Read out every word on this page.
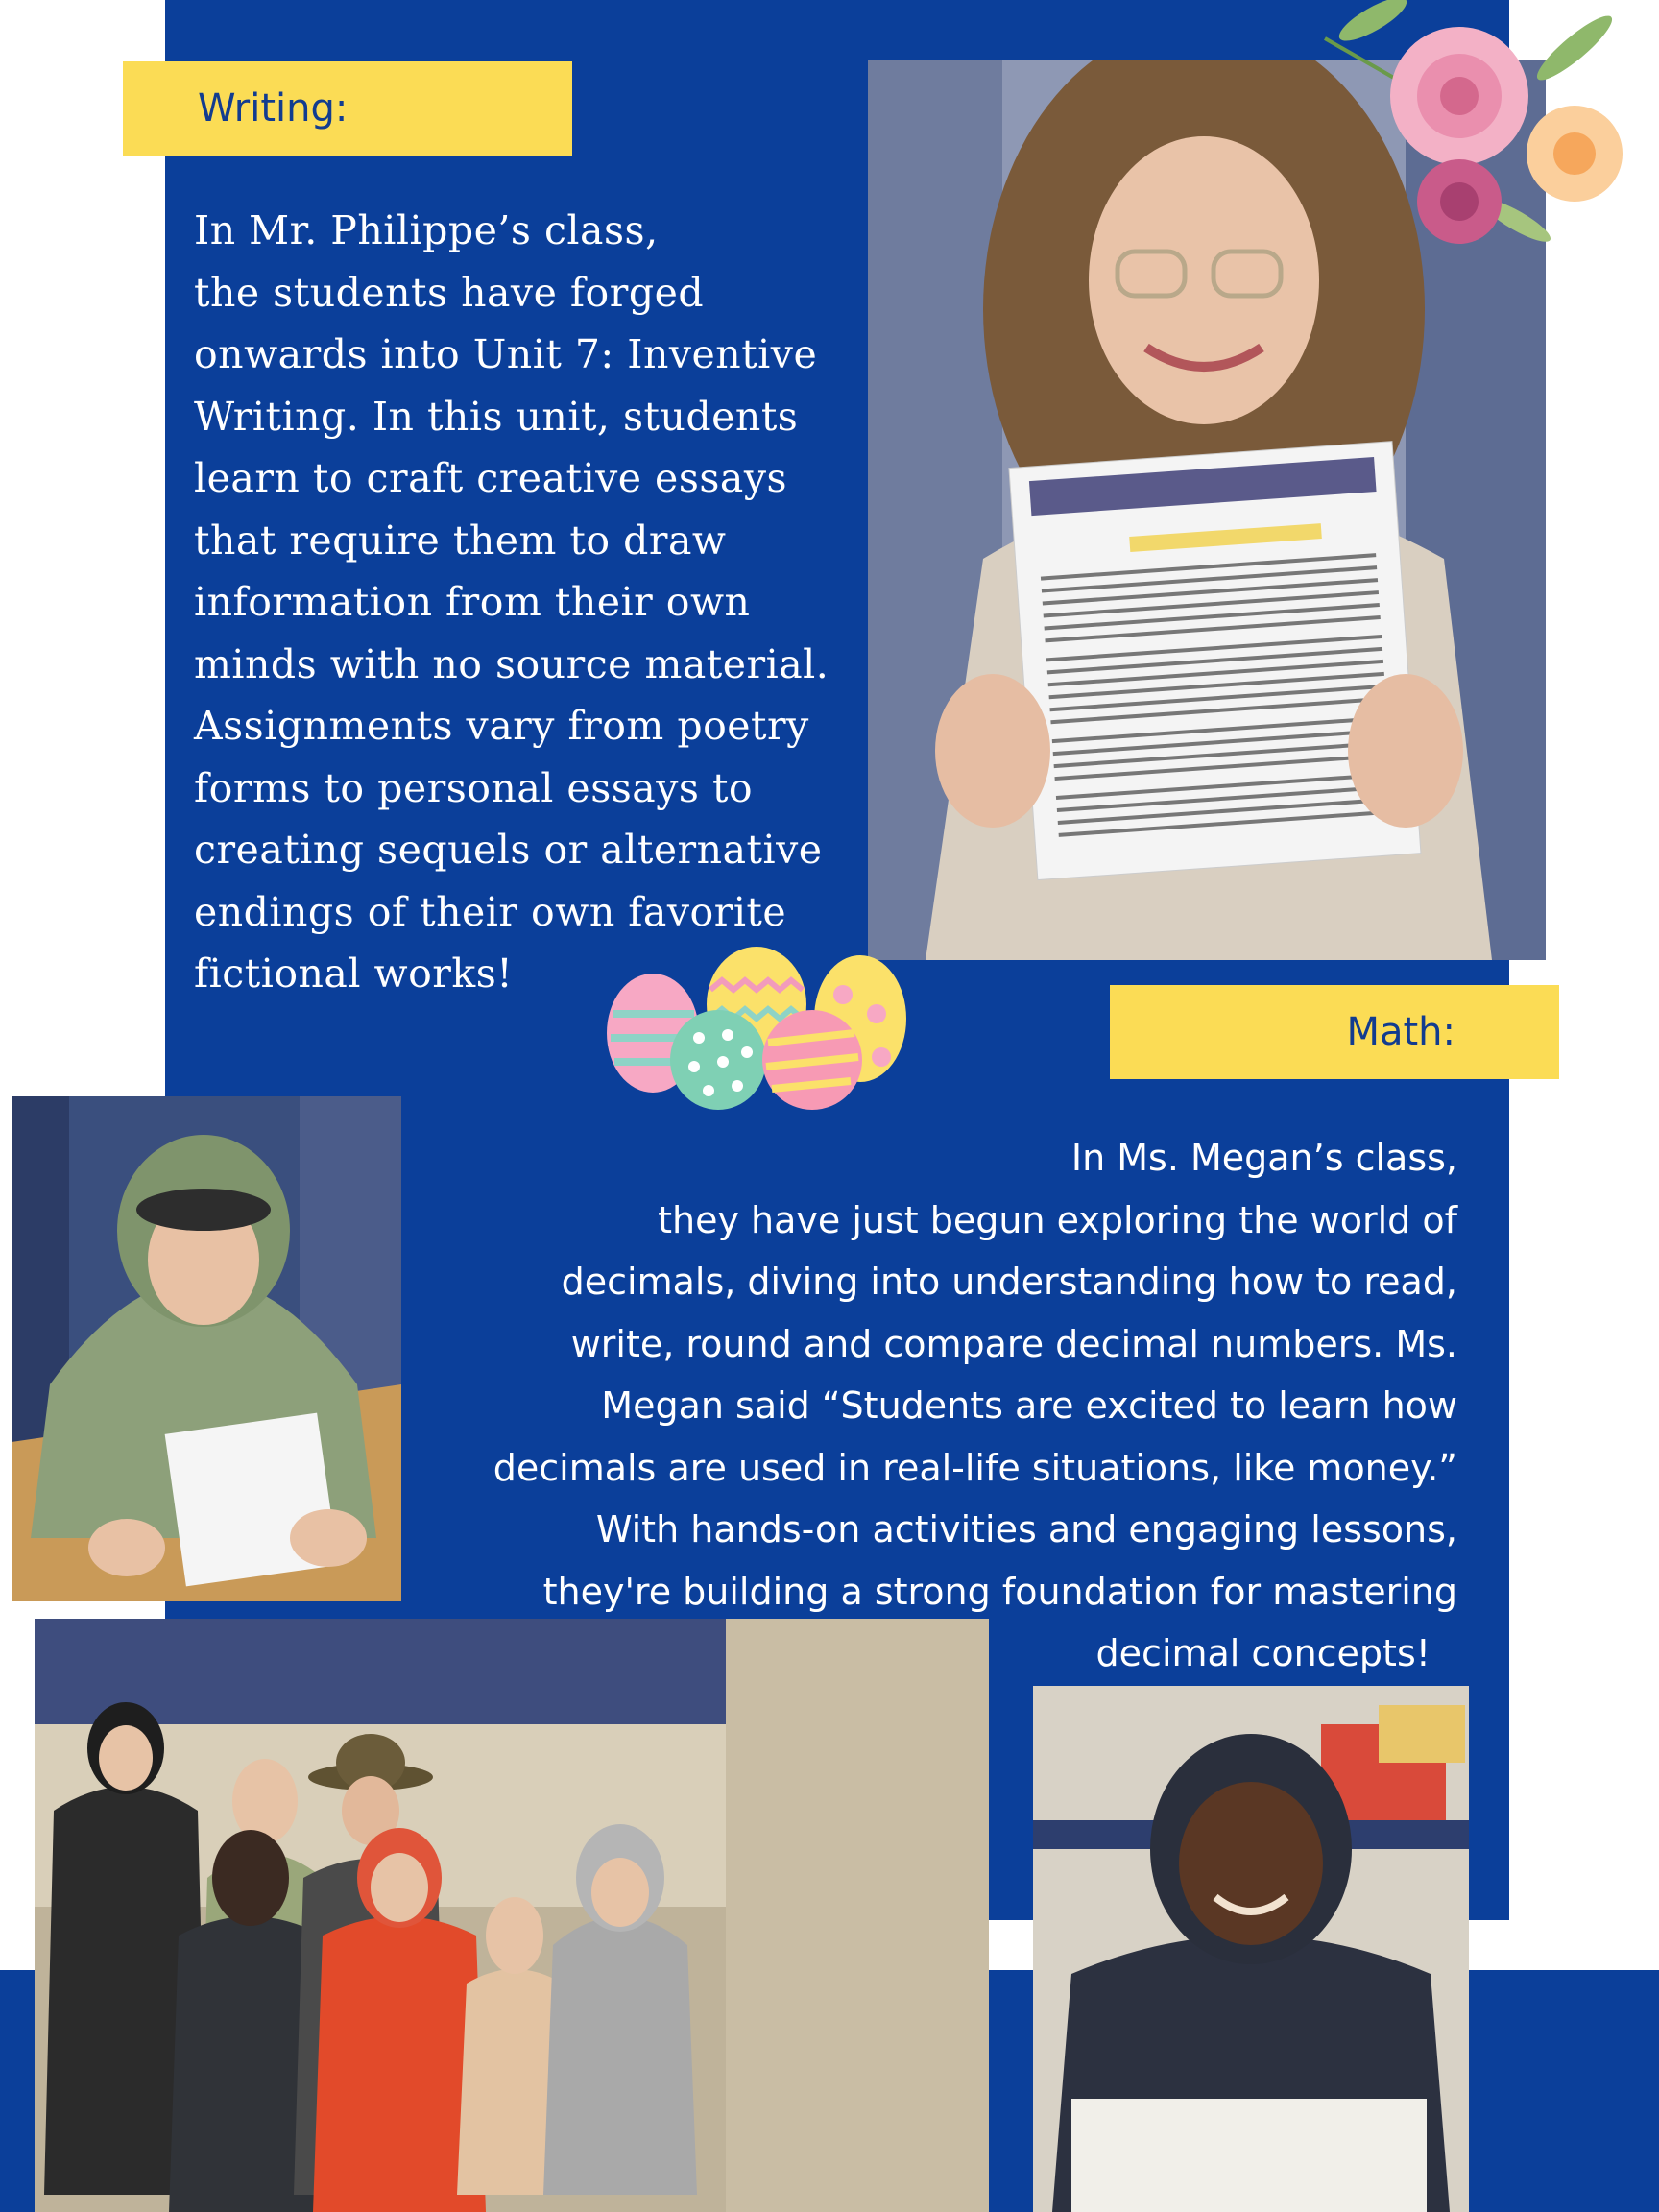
Writing:
In Mr. Philippe’s class,
the students have forged
onwards into Unit 7: Inventive
Writing. In this unit, students
learn to craft creative essays
that require them to draw
information from their own
minds with no source material.
Assignments vary from poetry
forms to personal essays to
creating sequels or alternative
endings of their own favorite
fictional works!
Math:
In Ms. Megan’s class,
they have just begun exploring the world of
decimals, diving into understanding how to read,
write, round and compare decimal numbers. Ms.
Megan said “Students are excited to learn how
decimals are used in real-life situations, like money.”
With hands-on activities and engaging lessons,
they're building a strong foundation for mastering
decimal concepts!
